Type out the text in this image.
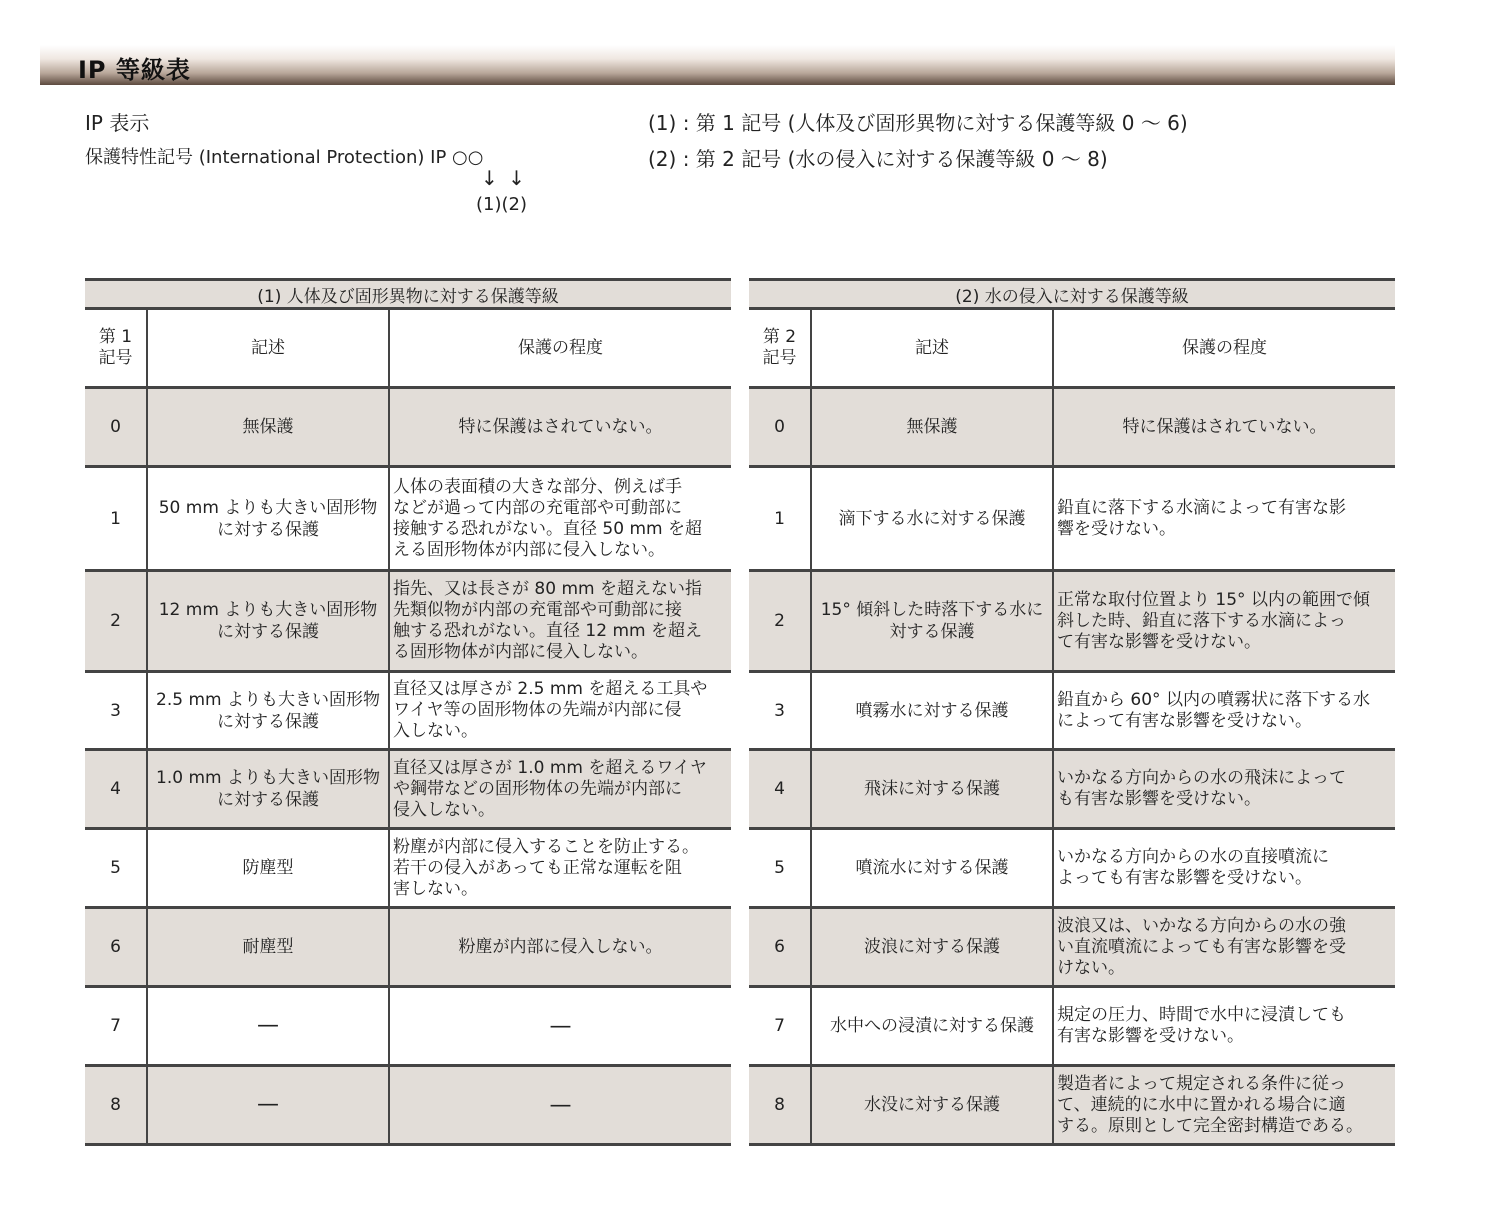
IP 等級表
IP 表示
保護特性記号 (International Protection) IP ○○
↓ ↓
(1)(2)
(1) : 第 1 記号 (人体及び固形異物に対する保護等級 0 ～ 6)
(2) : 第 2 記号 (水の侵入に対する保護等級 0 ～ 8)
(1) 人体及び固形異物に対する保護等級		
第 1
記号	記述	保護の程度
0	無保護	特に保護はされていない。
1	50 mm よりも大きい固形物
に対する保護	人体の表面積の大きな部分、例えば手
などが過って内部の充電部や可動部に
接触する恐れがない。直径 50 mm を超
える固形物体が内部に侵入しない。
2	12 mm よりも大きい固形物
に対する保護	指先、又は長さが 80 mm を超えない指
先類似物が内部の充電部や可動部に接
触する恐れがない。直径 12 mm を超え
る固形物体が内部に侵入しない。
3	2.5 mm よりも大きい固形物
に対する保護	直径又は厚さが 2.5 mm を超える工具や
ワイヤ等の固形物体の先端が内部に侵
入しない。
4	1.0 mm よりも大きい固形物
に対する保護	直径又は厚さが 1.0 mm を超えるワイヤ
や鋼帯などの固形物体の先端が内部に
侵入しない。
5	防塵型	粉塵が内部に侵入することを防止する。
若干の侵入があっても正常な運転を阻
害しない。
6	耐塵型	粉塵が内部に侵入しない。
7	—	—
8	—	—
(2) 水の侵入に対する保護等級		
第 2
記号	記述	保護の程度
0	無保護	特に保護はされていない。
1	滴下する水に対する保護	鉛直に落下する水滴によって有害な影
響を受けない。
2	15° 傾斜した時落下する水に
対する保護	正常な取付位置より 15° 以内の範囲で傾
斜した時、鉛直に落下する水滴によっ
て有害な影響を受けない。
3	噴霧水に対する保護	鉛直から 60° 以内の噴霧状に落下する水
によって有害な影響を受けない。
4	飛沫に対する保護	いかなる方向からの水の飛沫によって
も有害な影響を受けない。
5	噴流水に対する保護	いかなる方向からの水の直接噴流に
よっても有害な影響を受けない。
6	波浪に対する保護	波浪又は、いかなる方向からの水の強
い直流噴流によっても有害な影響を受
けない。
7	水中への浸漬に対する保護	規定の圧力、時間で水中に浸漬しても
有害な影響を受けない。
8	水没に対する保護	製造者によって規定される条件に従っ
て、連続的に水中に置かれる場合に適
する。原則として完全密封構造である。
